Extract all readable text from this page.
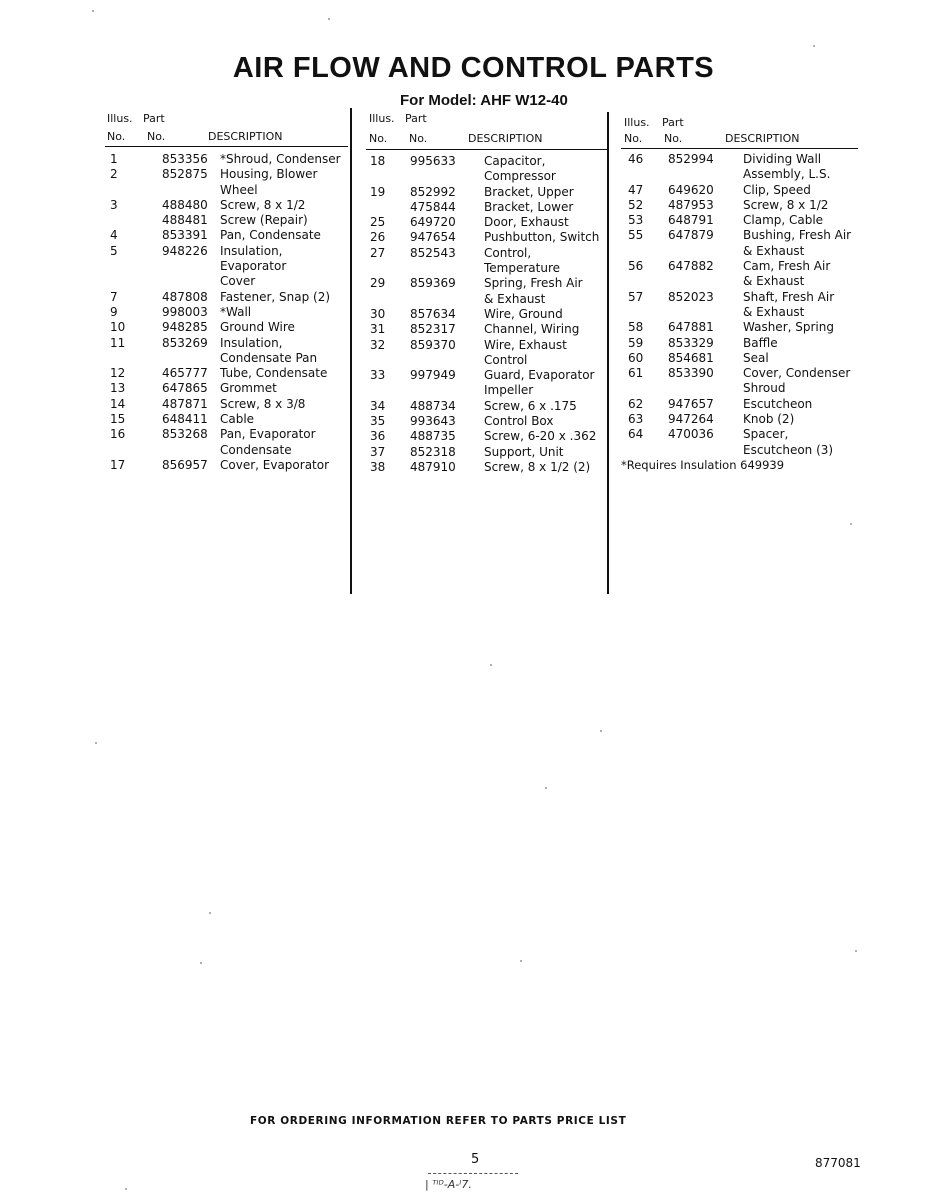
AIR FLOW AND CONTROL PARTS
For Model: AHF W12-40
Illus. Part
No. No.	DESCRIPTION
1	853356 *Shroud, Condenser
2	852875 Housing, Blower
Wheel
3	488480 Screw, 8 x 1/2
488481 Screw (Repair)
4	853391 Pan, Condensate
5	948226 Insulation,
Evaporator
Cover
7	487808 Fastener, Snap (2)
9	998003 *Wall
10	948285 Ground Wire
11	853269 Insulation,
Condensate Pan
12	465777 Tube, Condensate
13	647865 Grommet
14	487871 Screw, 8 x 3/8
15	648411 Cable
16	853268 Pan, Evaporator
Condensate
17	856957 Cover, Evaporator
Illus. Part
No. No.	DESCRIPTION
18 995633 Capacitor,
Compressor
19 852992 Bracket, Upper
475844 Bracket, Lower
25 649720 Door, Exhaust
26 947654 Pushbutton, Switch
27 852543 Control,
Temperature
29 859369 Spring, Fresh Air
& Exhaust
30 857634 Wire, Ground
31 852317 Channel, Wiring
32 859370 Wire, Exhaust
Control
33 997949 Guard, Evaporator
Impeller
34 488734 Screw, 6 x .175
35 993643 Control Box
36 488735 Screw, 6-20 x .362
37 852318 Support, Unit
38 487910 Screw, 8 x 1/2 (2)
Illus. Part
No. No.	DESCRIPTION
46 852994 Dividing Wall
Assembly, L.S.
47 649620 Clip, Speed
52 487953 Screw, 8 x 1/2
53 648791 Clamp, Cable
55 647879 Bushing, Fresh Air
& Exhaust
56 647882 Cam, Fresh Air
& Exhaust
57 852023 Shaft, Fresh Air
& Exhaust
58 647881 Washer, Spring
59 853329 Baffle
60 854681 Seal
61 853390 Cover, Condenser
Shroud
62 947657 Escutcheon
63 947264 Knob (2)
64 470036 Spacer,
Escutcheon (3)
*Requires Insulation 649939
FOR ORDERING INFORMATION REFER TO PARTS PRICE LIST
5	877081
| ᵀᴵᴰ-A-ᴵ7.
